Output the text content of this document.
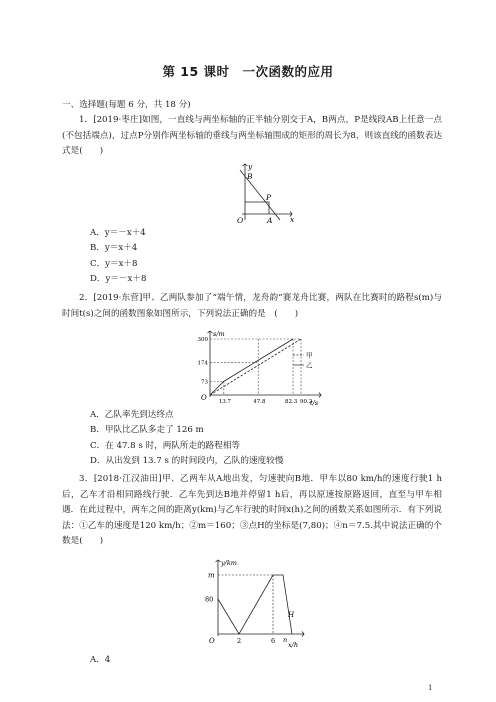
第 15 课时　一次函数的应用
一、选择题(每题 6 分，共 18 分)
1．[2019·枣庄]如图，一直线与两坐标轴的正半轴分别交于A，B两点，P是线段AB上任意一点(不包括端点)，过点P分别作两坐标轴的垂线与两坐标轴围成的矩形的周长为8，则该直线的函数表达式是(　　)
y
B
P
O	A x
A．y＝－x＋4
B．y＝x＋4
C．y＝x＋8
D．y＝－x＋8
2．[2019·东营]甲、乙两队参加了“端午情，龙舟韵”赛龙舟比赛，两队在比赛时的路程s(m)与时间t(s)之间的函数图象如图所示，下列说法正确的是　(　　)
13.7	47.8	82.3 90.2
300
174
73
s/m
t/s
O
甲
乙
A．乙队率先到达终点
B．甲队比乙队多走了 126 m
C．在 47.8 s 时，两队所走的路程相等
D．从出发到 13.7 s 的时间段内，乙队的速度较慢
3．[2018·江汉油田]甲、乙两车从A地出发，匀速驶向B地．甲车以80 km/h的速度行驶1 h后，乙车才沿相同路线行驶．乙车先到达B地并停留1 h后，再以原速按原路返回，直至与甲车相遇．在此过程中，两车之间的距离y(km)与乙车行驶的时间x(h)之间的函数关系如图所示．有下列说法：①乙车的速度是120 km/h；②m＝160；③点H的坐标是(7,80)；④n＝7.5.其中说法正确的个数是(　　)
y/km
m
80
O	2	6 n
H
x/h
A．4
1
